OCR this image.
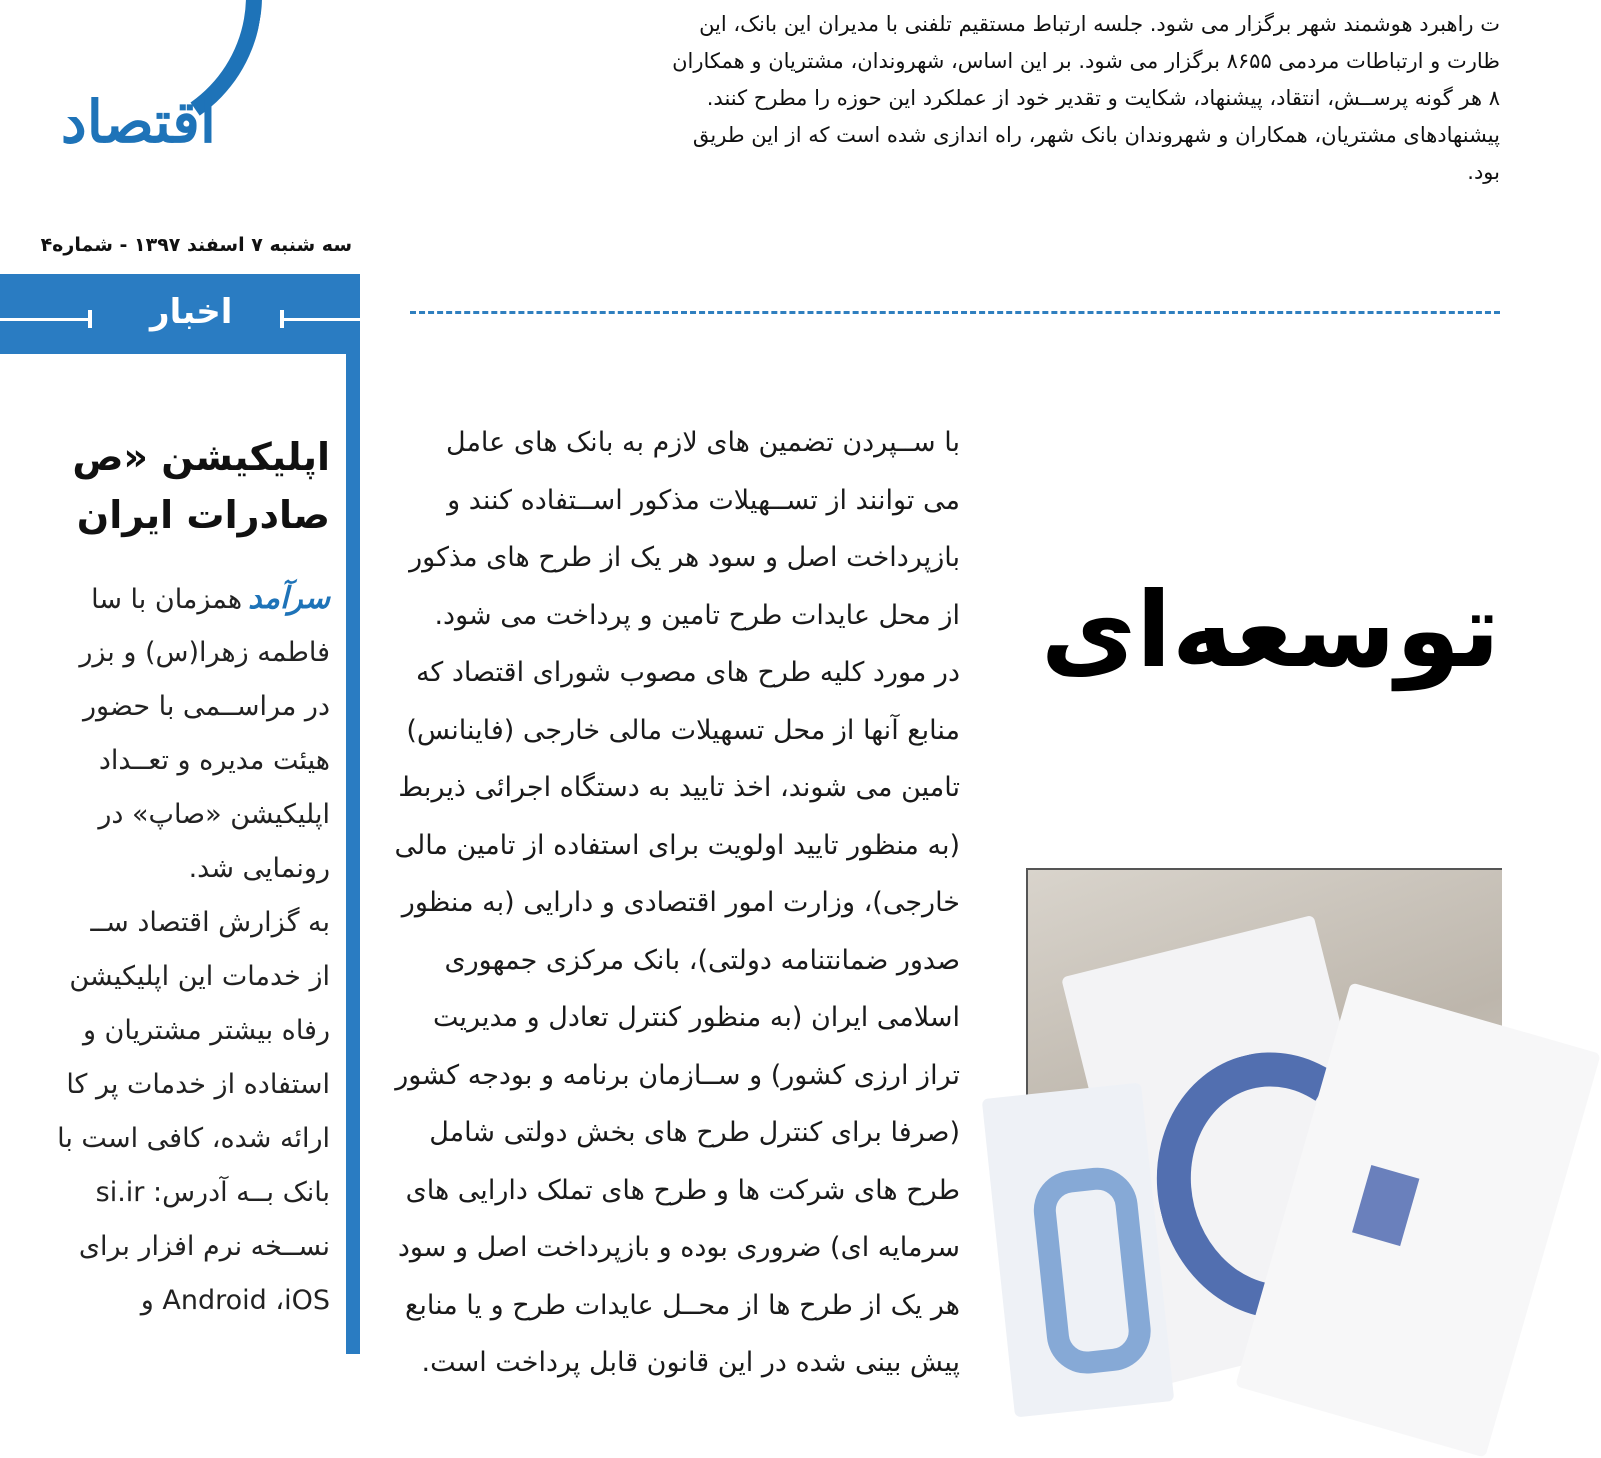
اقتصاد
سه شنبه ۷ اسفند ۱۳۹۷ - شماره۴
ت راهبرد هوشمند شهر برگزار می شود. جلسه ارتباط مستقیم تلفنی با مدیران این بانک، این
ظارت و ارتباطات مردمی ۸۶۵۵ برگزار می شود. بر این اساس، شهروندان، مشتریان و همکاران
۸ هر گونه پرســش، انتقاد، پیشنهاد، شکایت و تقدیر خود از عملکرد این حوزه را مطرح کنند.
پیشنهادهای مشتریان، همکاران و شهروندان بانک شهر، راه اندازی شده است که از این طریق
بود.
اخبار
اپلیکیشن «ص
صادرات ایران
سرآمدهمزمان با سا
فاطمه زهرا(س) و بزر
در مراســمی با حضور
هیئت مدیره و تعــداد
اپلیکیشن «صاپ» در
رونمایی شد.
به گزارش اقتصاد ســ
از خدمات این اپلیکیشن
رفاه بیشتر مشتریان و
استفاده از خدمات پر کا
ارائه شده، کافی است با
بانک بــه آدرس: si.ir
نســخه نرم افزار برای
Android ،iOS و
با ســپردن تضمین های لازم به بانک های عامل
می توانند از تســهیلات مذکور اســتفاده کنند و
بازپرداخت اصل و سود هر یک از طرح های مذکور
از محل عایدات طرح تامین و پرداخت می شود.
در مورد کلیه طرح های مصوب شورای اقتصاد که
منابع آنها از محل تسهیلات مالی خارجی (فاینانس)
تامین می شوند، اخذ تایید به دستگاه اجرائی ذیربط
(به منظور تایید اولویت برای استفاده از تامین مالی
خارجی)، وزارت امور اقتصادی و دارایی (به منظور
صدور ضمانتنامه دولتی)، بانک مرکزی جمهوری
اسلامی ایران (به منظور کنترل تعادل و مدیریت
تراز ارزی کشور) و ســازمان برنامه و بودجه کشور
(صرفا برای کنترل طرح های بخش دولتی شامل
طرح های شرکت ها و طرح های تملک دارایی های
سرمایه ای) ضروری بوده و بازپرداخت اصل و سود
هر یک از طرح ها از محــل عایدات طرح و یا منابع
پیش بینی شده در این قانون قابل پرداخت است.
توسعه‌ای
